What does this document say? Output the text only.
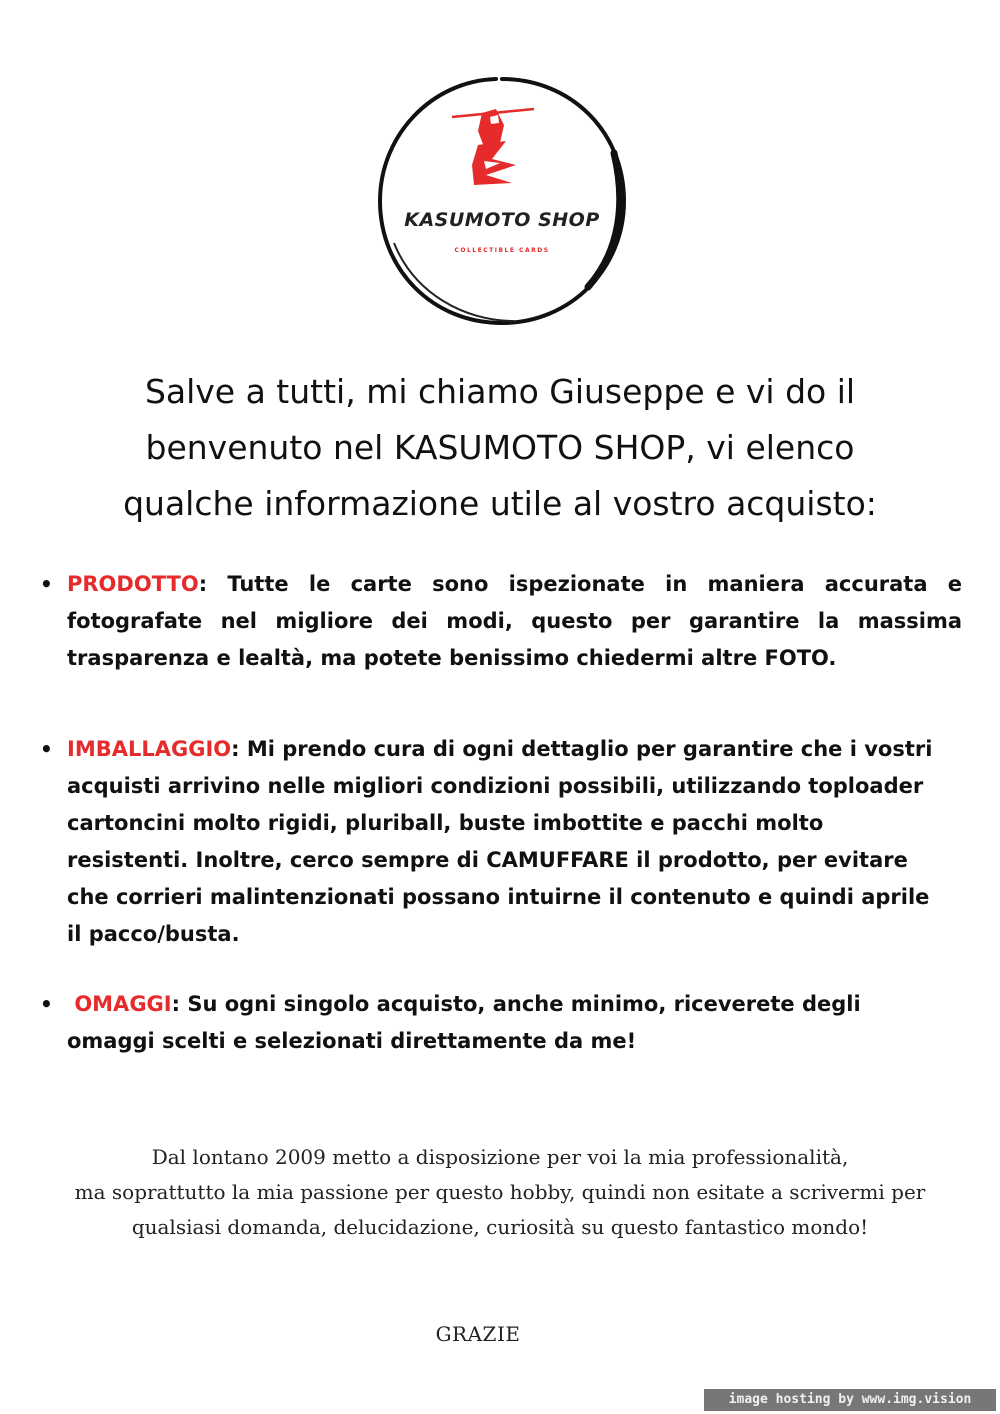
KASUMOTO SHOP
COLLECTIBLE CARDS
Salve a tutti, mi chiamo Giuseppe e vi do il
benvenuto nel KASUMOTO SHOP, vi elenco
qualche informazione utile al vostro acquisto:
• PRODOTTO: Tutte le carte sono ispezionate in maniera accurata e fotografate nel migliore dei modi, questo per garantire la massima trasparenza e lealtà, ma potete benissimo chiedermi altre FOTO.
• IMBALLAGGIO: Mi prendo cura di ogni dettaglio per garantire che i vostri acquisti arrivino nelle migliori condizioni possibili, utilizzando toploader cartoncini molto rigidi, pluriball, buste imbottite e pacchi molto resistenti. Inoltre, cerco sempre di CAMUFFARE il prodotto, per evitare che corrieri malintenzionati possano intuirne il contenuto e quindi aprile il pacco/busta.
• OMAGGI: Su ogni singolo acquisto, anche minimo, riceverete degli omaggi scelti e selezionati direttamente da me!
Dal lontano 2009 metto a disposizione per voi la mia professionalità,
ma soprattutto la mia passione per questo hobby, quindi non esitate a scrivermi per
qualsiasi domanda, delucidazione, curiosità su questo fantastico mondo!
GRAZIE
image hosting by www.img.vision
